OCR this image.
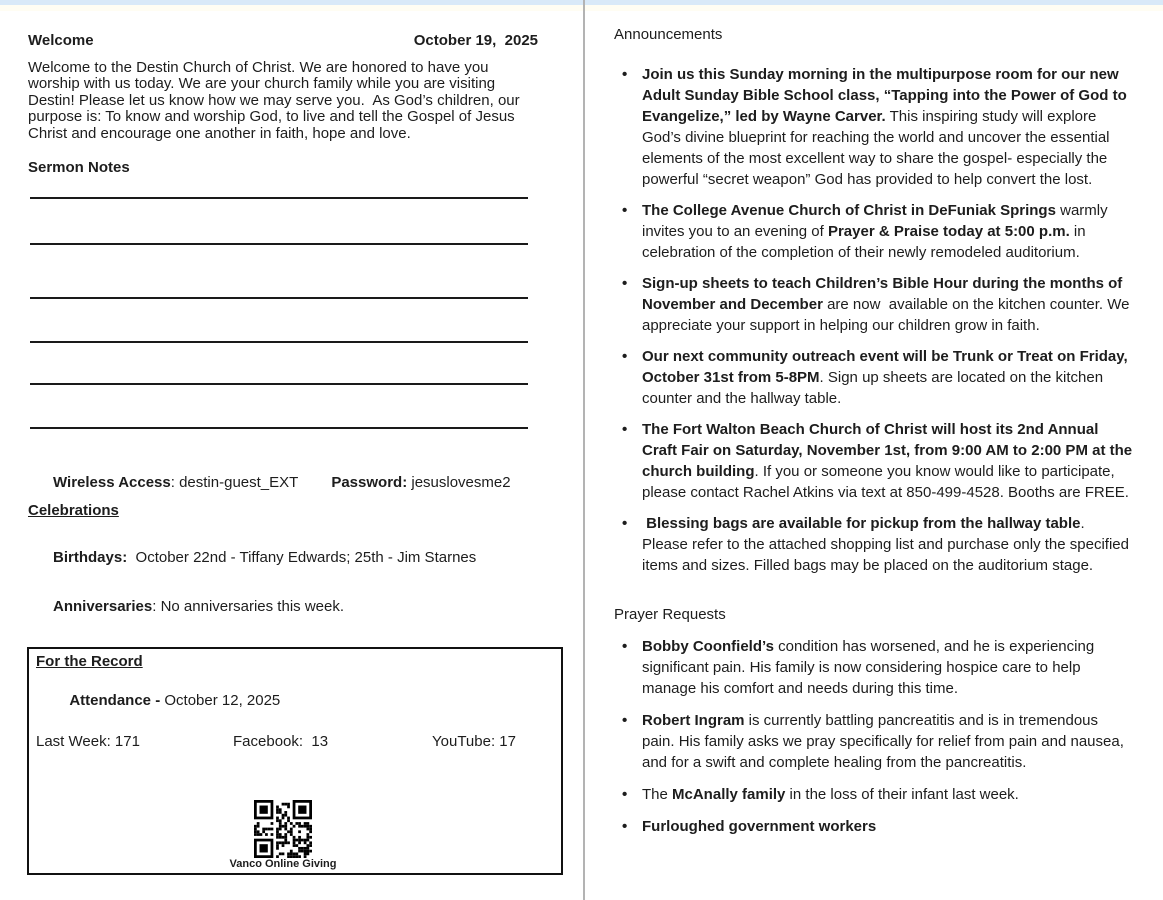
Welcome	October 19,  2025
Welcome to the Destin Church of Christ. We are honored to have you worship with us today. We are your church family while you are visiting Destin! Please let us know how we may serve you.  As God’s children, our purpose is: To know and worship God, to live and tell the Gospel of Jesus Christ and encourage one another in faith, hope and love.
Sermon Notes

Wireless Access: destin-guest_EXT Password: jesuslovesme2

Celebrations

Birthdays:  October 22nd - Tiffany Edwards; 25th - Jim Starnes

Anniversaries: No anniversaries this week.

For the Record

Attendance - October 12, 2025

Last Week: 171	Facebook:  13	YouTube: 17
Vanco Online Giving
Announcements
• Join us this Sunday morning in the multipurpose room for our new Adult Sunday Bible School class, “Tapping into the Power of God to Evangelize,” led by Wayne Carver. This inspiring study will explore God’s divine blueprint for reaching the world and uncover the essential elements of the most excellent way to share the gospel- especially the powerful “secret weapon” God has provided to help convert the lost.
• The College Avenue Church of Christ in DeFuniak Springs warmly invites you to an evening of Prayer & Praise today at 5:00 p.m. in celebration of the completion of their newly remodeled auditorium.
• Sign-up sheets to teach Children’s Bible Hour during the months of November and December are now  available on the kitchen counter. We appreciate your support in helping our children grow in faith.
• Our next community outreach event will be Trunk or Treat on Friday, October 31st from 5-8PM. Sign up sheets are located on the kitchen counter and the hallway table.
• The Fort Walton Beach Church of Christ will host its 2nd Annual Craft Fair on Saturday, November 1st, from 9:00 AM to 2:00 PM at the church building. If you or someone you know would like to participate, please contact Rachel Atkins via text at 850-499-4528. Booths are FREE.
•  Blessing bags are available for pickup from the hallway table. Please refer to the attached shopping list and purchase only the specified items and sizes. Filled bags may be placed on the auditorium stage.
Prayer Requests
• Bobby Coonfield’s condition has worsened, and he is experiencing significant pain. His family is now considering hospice care to help manage his comfort and needs during this time.
• Robert Ingram is currently battling pancreatitis and is in tremendous pain. His family asks we pray specifically for relief from pain and nausea, and for a swift and complete healing from the pancreatitis.
• The McAnally family in the loss of their infant last week.
• Furloughed government workers
